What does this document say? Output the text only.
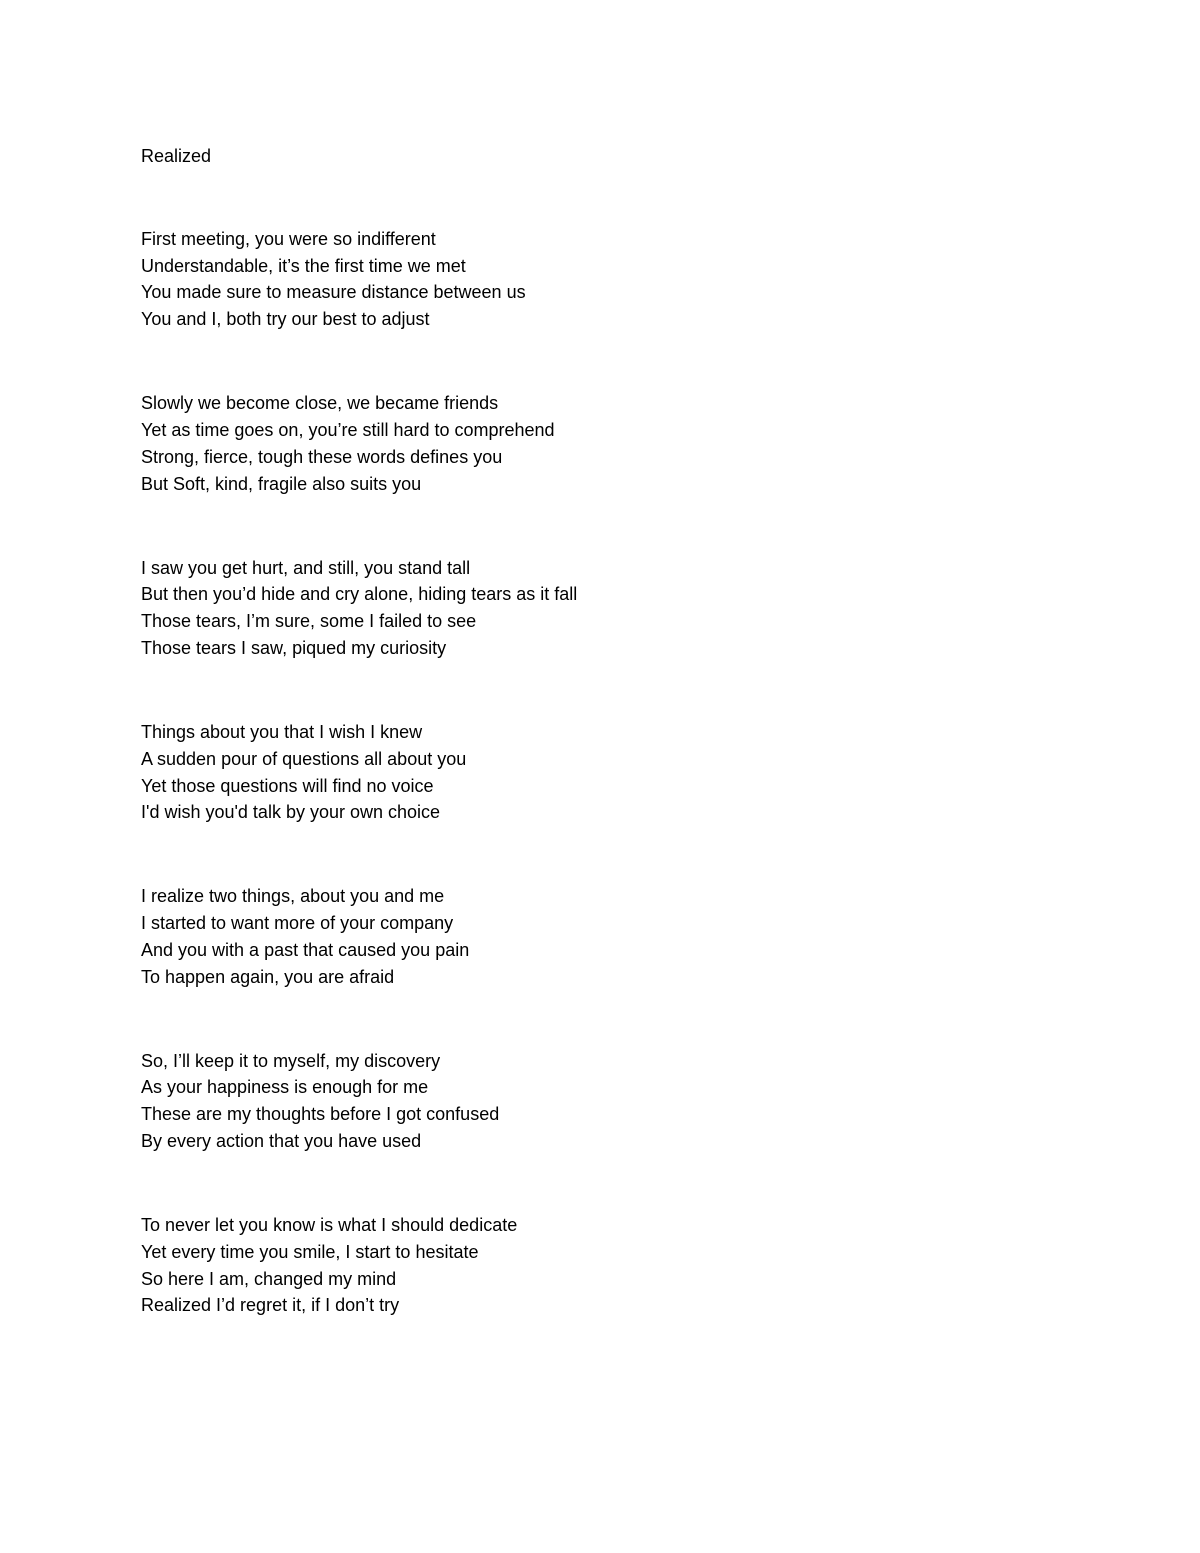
Realized
First meeting, you were so indifferent
Understandable, it’s the first time we met
You made sure to measure distance between us
You and I, both try our best to adjust
Slowly we become close, we became friends
Yet as time goes on, you’re still hard to comprehend
Strong, fierce, tough these words defines you
But Soft, kind, fragile also suits you
I saw you get hurt, and still, you stand tall
But then you’d hide and cry alone, hiding tears as it fall
Those tears, I’m sure, some I failed to see
Those tears I saw, piqued my curiosity
Things about you that I wish I knew
A sudden pour of questions all about you
Yet those questions will find no voice
I'd wish you'd talk by your own choice
I realize two things, about you and me
I started to want more of your company
And you with a past that caused you pain
To happen again, you are afraid
So, I’ll keep it to myself, my discovery
As your happiness is enough for me
These are my thoughts before I got confused
By every action that you have used
To never let you know is what I should dedicate
Yet every time you smile, I start to hesitate
So here I am, changed my mind
Realized I’d regret it, if I don’t try
